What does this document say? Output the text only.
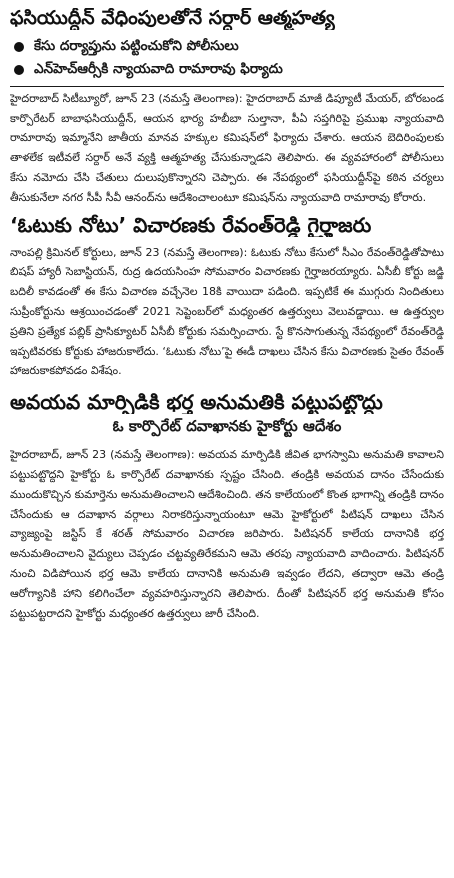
ఫసియుద్దీన్‌ వేధింపులతోనే సర్దార్‌ ఆత్మహత్య
కేసు దర్యాప్తును పట్టించుకోని పోలీసులు
ఎన్‌హెచ్‌ఆర్సీకి న్యాయవాది రామారావు ఫిర్యాదు

హైదరాబాద్‌ సిటీబ్యూరో, జూన్‌ 23 (నమస్తే తెలంగాణ): హైదరాబాద్‌ మాజీ డిప్యూటీ మేయర్‌, బోరబండ కార్పొరేటర్‌ బాబాఫసియుద్దీన్‌, ఆయన భార్య హబీబా సుల్తానా, పీఏ సప్తగిరిపై ప్రముఖ న్యాయవాది రామారావు ఇమ్మానేని జాతీయ మానవ హక్కుల కమిషన్‌లో ఫిర్యాదు చేశారు. ఆయన బెదిరింపులకు తాళలేక ఇటీవలే సర్దార్‌ అనే వ్యక్తి ఆత్మహత్య చేసుకున్నాడని తెలిపారు. ఈ వ్యవహారంలో పోలీసులు కేసు నమోదు చేసి చేతులు దులుపుకొన్నారని చెప్పారు. ఈ నేపథ్యంలో ఫసియుద్దీన్‌పై కఠిన చర్యలు తీసుకునేలా నగర సీపీ సీవీ ఆనంద్‌ను ఆదేశించాలంటూ కమిషన్‌ను న్యాయవాది రామారావు కోరారు.

‘ఓటుకు నోటు’ విచారణకు రేవంత్‌రెడ్డి గైర్హాజరు

నాంపల్లి క్రిమినల్‌ కోర్టులు, జూన్‌ 23 (నమస్తే తెలంగాణ): ఓటుకు నోటు కేసులో సీఎం రేవంత్‌రెడ్డితోపాటు బిషప్‌ హ్యారీ సెబాస్టియన్‌, రుద్ర ఉదయసింహ సోమవారం విచారణకు గైర్హాజరయ్యారు. ఏసీబీ కోర్టు జడ్జి బదిలీ కావడంతో ఈ కేసు విచారణ వచ్చేనెల 18కి వాయిదా పడింది. ఇప్పటికే ఈ ముగ్గురు నిందితులు సుప్రీంకోర్టును ఆశ్రయించడంతో 2021 సెప్టెంబర్‌లో మధ్యంతర ఉత్తర్వులు వెలువడ్డాయి. ఆ ఉత్తర్వుల ప్రతిని ప్రత్యేక పబ్లిక్‌ ప్రాసిక్యూటర్‌ ఏసీబీ కోర్టుకు సమర్పించారు. స్టే కొనసాగుతున్న నేపథ్యంలో రేవంత్‌రెడ్డి ఇప్పటివరకు కోర్టుకు హాజరుకాలేదు. ‘ఓటుకు నోటు’పై ఈడీ దాఖలు చేసిన కేసు విచారణకు సైతం రేవంత్‌ హాజరుకాకపోవడం విశేషం.

అవయవ మార్పిడికి భర్త అనుమతికి పట్టుపట్టొద్దు
ఓ కార్పొరేట్‌ దవాఖానకు హైకోర్టు ఆదేశం

హైదరాబాద్‌, జూన్‌ 23 (నమస్తే తెలంగాణ): అవయవ మార్పిడికి జీవిత భాగస్వామి అనుమతి కావాలని పట్టుపట్టొద్దని హైకోర్టు ఓ కార్పొరేట్‌ దవాఖానకు స్పష్టం చేసింది. తండ్రికి అవయవ దానం చేసేందుకు ముందుకొచ్చిన కుమార్తెను అనుమతించాలని ఆదేశించింది. తన కాలేయంలో కొంత భాగాన్ని తండ్రికి దానం చేసేందుకు ఆ దవాఖాన వర్గాలు నిరాకరిస్తున్నాయంటూ ఆమె హైకోర్టులో పిటిషన్‌ దాఖలు చేసిన వ్యాజ్యంపై జస్టిస్‌ కే శరత్‌ సోమవారం విచారణ జరిపారు. పిటిషనర్‌ కాలేయ దానానికి భర్త అనుమతించాలని వైద్యులు చెప్పడం చట్టవ్యతిరేకమని ఆమె తరపు న్యాయవాది వాదించారు. పిటిషనర్‌ నుంచి విడిపోయిన భర్త ఆమె కాలేయ దానానికి అనుమతి ఇవ్వడం లేదని, తద్వారా ఆమె తండ్రి ఆరోగ్యానికి హాని కలిగించేలా వ్యవహరిస్తున్నారని తెలిపారు. దీంతో పిటిషనర్‌ భర్త అనుమతి కోసం పట్టుపట్టరాదని హైకోర్టు మధ్యంతర ఉత్తర్వులు జారీ చేసింది.
